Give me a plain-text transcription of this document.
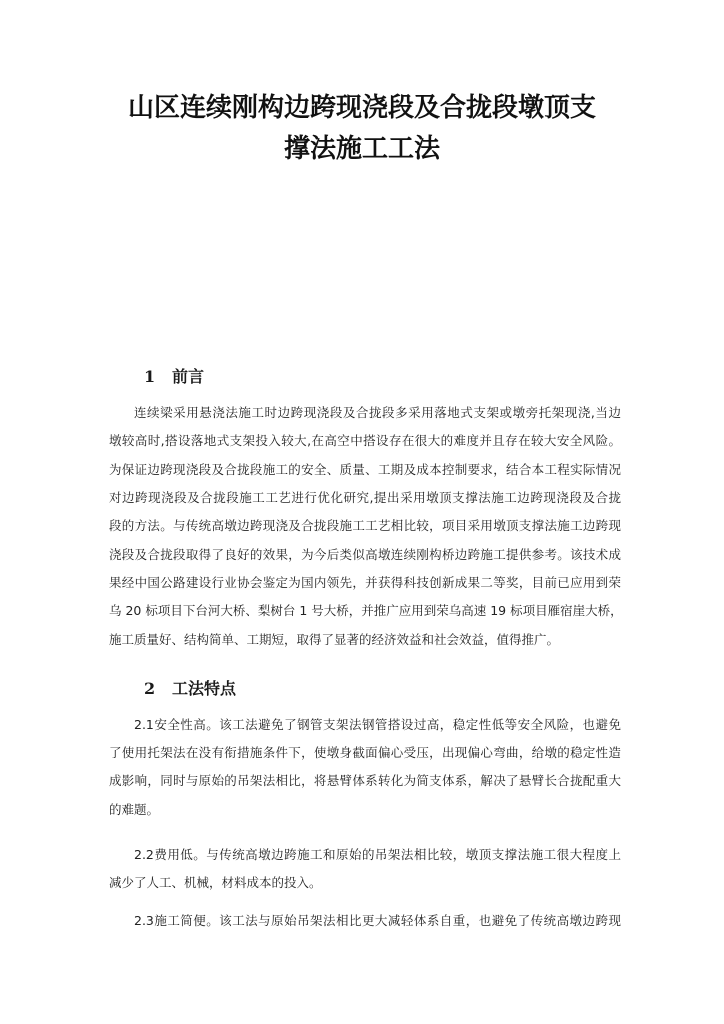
山区连续刚构边跨现浇段及合拢段墩顶支
撑法施工工法
1 前言
连续梁采用悬浇法施工时边跨现浇段及合拢段多采用落地式支架或墩旁托架现浇,当边
墩较高时,搭设落地式支架投入较大,在高空中搭设存在很大的难度并且存在较大安全风险。
为保证边跨现浇段及合拢段施工的安全、质量、工期及成本控制要求，结合本工程实际情况
对边跨现浇段及合拢段施工工艺进行优化研究,提出采用墩顶支撑法施工边跨现浇段及合拢
段的方法。与传统高墩边跨现浇及合拢段施工工艺相比较，项目采用墩顶支撑法施工边跨现
浇段及合拢段取得了良好的效果，为今后类似高墩连续刚构桥边跨施工提供参考。该技术成
果经中国公路建设行业协会鉴定为国内领先，并获得科技创新成果二等奖，目前已应用到荣
乌 20 标项目下台河大桥、梨树台 1 号大桥，并推广应用到荣乌高速 19 标项目雁宿崖大桥，
施工质量好、结构简单、工期短，取得了显著的经济效益和社会效益，值得推广。
2 工法特点
2.1安全性高。该工法避免了钢管支架法钢管搭设过高，稳定性低等安全风险，也避免
了使用托架法在没有衔措施条件下，使墩身截面偏心受压，出现偏心弯曲，给墩的稳定性造
成影响，同时与原始的吊架法相比，将悬臂体系转化为简支体系，解决了悬臂长合拢配重大
的难题。
2.2费用低。与传统高墩边跨施工和原始的吊架法相比较，墩顶支撑法施工很大程度上
减少了人工、机械，材料成本的投入。
2.3施工简便。该工法与原始吊架法相比更大减轻体系自重，也避免了传统高墩边跨现
